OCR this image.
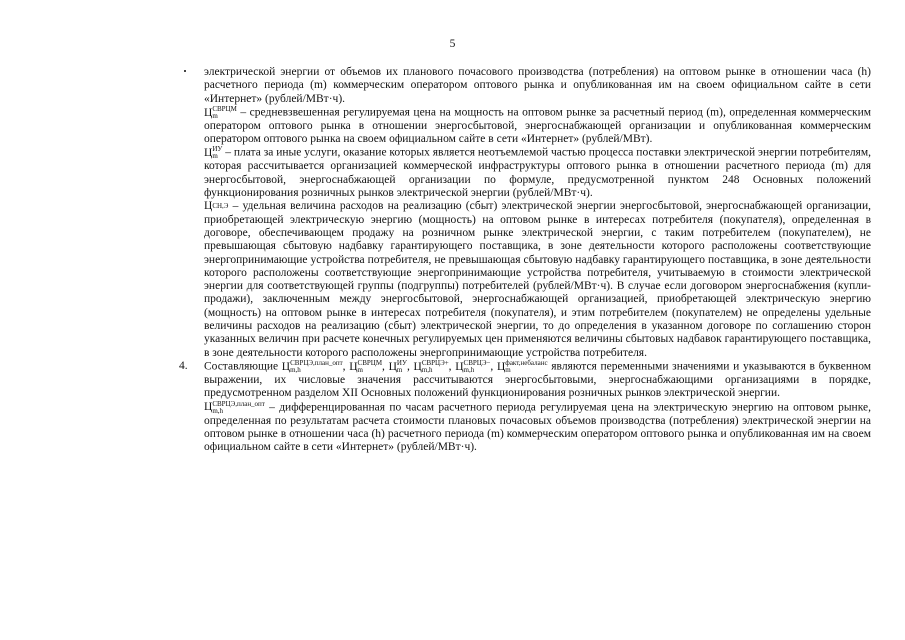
5

электрической энергии от объемов их планового почасового производства (потребления) на оптовом рынке в отношении часа (h) расчетного периода (m) коммерческим оператором оптового рынка и опубликованная им на своем официальном сайте в сети «Интернет» (рублей/МВт·ч).

Ц СВРЦМ
m	– средневзвешенная регулируемая цена на мощность на оптовом рынке за расчетный период (m), определенная коммерческим оператором оптового рынка в отношении энергосбытовой, энергоснабжающей организации и опубликованная коммерческим оператором оптового рынка на своем официальном сайте в сети «Интернет» (рублей/МВт).

Ц ИУ
m – плата за иные услуги, оказание которых является неотъемлемой частью процесса поставки электрической энергии потребителям, которая рассчитывается организацией коммерческой инфраструктуры оптового рынка в отношении расчетного периода (m) для энергосбытовой, энергоснабжающей организации по формуле, предусмотренной пунктом 248 Основных положений функционирования розничных рынков электрической энергии (рублей/МВт·ч).

Ц СН,Э – удельная величина расходов на реализацию (сбыт) электрической энергии энергосбытовой, энергоснабжающей организации, приобретающей электрическую энергию (мощность) на оптовом рынке в интересах потребителя (покупателя), определенная в договоре, обеспечивающем продажу на розничном рынке электрической энергии, с таким потребителем (покупателем), не превышающая сбытовую надбавку гарантирующего поставщика, в зоне деятельности которого расположены соответствующие энергопринимающие устройства потребителя, не превышающая сбытовую надбавку гарантирующего поставщика, в зоне деятельности которого расположены соответствующие энергопринимающие устройства потребителя, учитываемую в стоимости электрической энергии для соответствующей группы (подгруппы) потребителей (рублей/МВт·ч). В случае если договором энергоснабжения (купли-продажи), заключенным между энергосбытовой, энергоснабжающей организацией, приобретающей электрическую энергию (мощность) на оптовом рынке в интересах потребителя (покупателя), и этим потребителем (покупателем) не определены удельные величины расходов на реализацию (сбыт) электрической энергии, то до определения в указанном договоре по соглашению сторон указанных величин при расчете конечных регулируемых цен применяются величины сбытовых надбавок гарантирующего поставщика, в зоне деятельности которого расположены энергопринимающие устройства потребителя.

4. Составляющие Ц СВРЦЭ,план_опт
m,h	, Ц СВРЦМ
m	, Ц ИУ
m , Ц СВРЦЭ+
m,h	, Ц СВРЦЭ−
m,h	, Ц факт,небаланс
m	являются переменными значениями и указываются в буквенном выражении, их числовые значения рассчитываются энергосбытовыми, энергоснабжающими организациями в порядке, предусмотренном разделом XII Основных положений функционирования розничных рынков электрической энергии.

Ц СВРЦЭ,план_опт
m,h	– дифференцированная по часам расчетного периода регулируемая цена на электрическую энергию на оптовом рынке, определенная по результатам расчета стоимости плановых почасовых объемов производства (потребления) электрической энергии на оптовом рынке в отношении часа (h) расчетного периода (m) коммерческим оператором оптового рынка и опубликованная им на своем официальном сайте в сети «Интернет» (рублей/МВт·ч).
